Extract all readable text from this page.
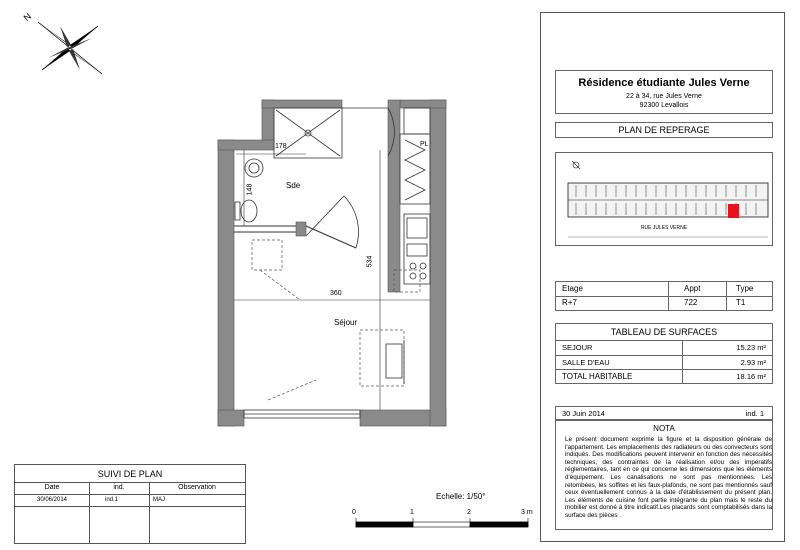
N
Sde
Séjour
PL
178
148
534
360
Echelle: 1/50°
0	1	2	3 m
SUIVI DE PLAN
Date	ind.	Observation
30/06/2014	ind.1	MAJ
Résidence étudiante Jules Verne
22 à 34, rue Jules Verne
92300 Levallois
PLAN DE REPERAGE
RUE JULES VERNE
Etage	Appt	Type
R+7	722	T1
TABLEAU DE SURFACES
SEJOUR	15.23 m²
SALLE D'EAU	2.93 m²
TOTAL HABITABLE	18.16 m²
30 Juin 2014	ind. 1
NOTA
Le présent document exprime la figure et la disposition générale de l'appartement. Les emplacements des radiateurs ou des convecteurs sont indiqués. Des modifications peuvent intervenir en fonction des nécessités techniques, des contraintes de la réalisation et/ou des impératifs réglementaires, tant en ce qui concerne les dimensions que les éléments d'équipement. Les canalisations ne sont pas mentionnées. Les retombées, les soffites et les faux-plafonds, ne sont pas mentionnés sauf ceux éventuellement connus à la date d'établissement du présent plan. Les éléments de cuisine font partie intégrante du plan mais le reste du mobilier est donné à titre indicatif.Les placards sont comptabilisés dans la surface des pièces .
